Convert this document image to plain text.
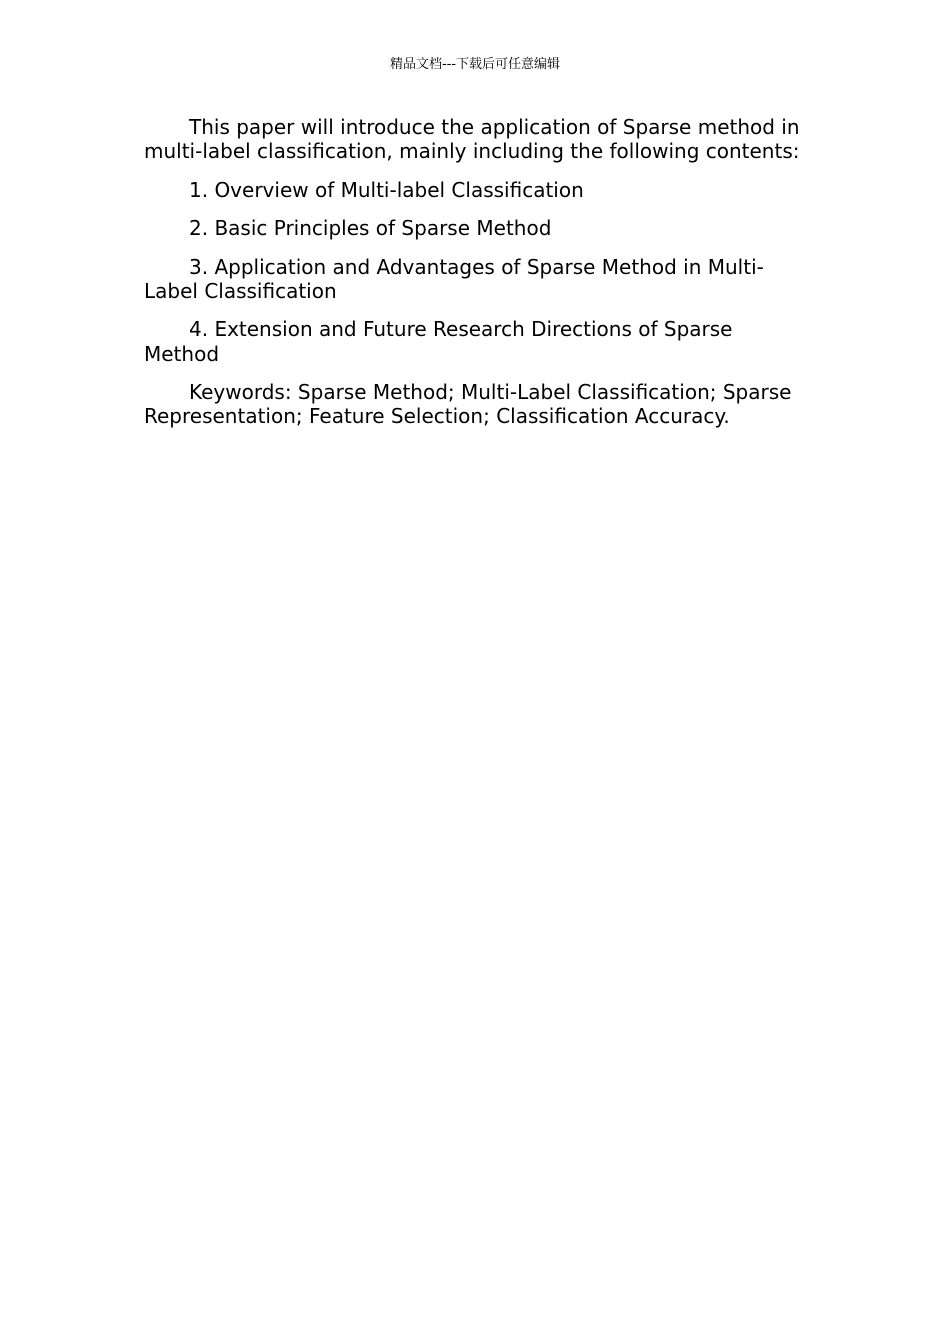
精品文档---下载后可任意编辑

This paper will introduce the application of Sparse method in multi-label classification, mainly including the following contents:

1. Overview of Multi-label Classification

2. Basic Principles of Sparse Method

3. Application and Advantages of Sparse Method in Multi-Label Classification

4. Extension and Future Research Directions of Sparse Method

Keywords: Sparse Method; Multi-Label Classification; Sparse Representation; Feature Selection; Classification Accuracy.
